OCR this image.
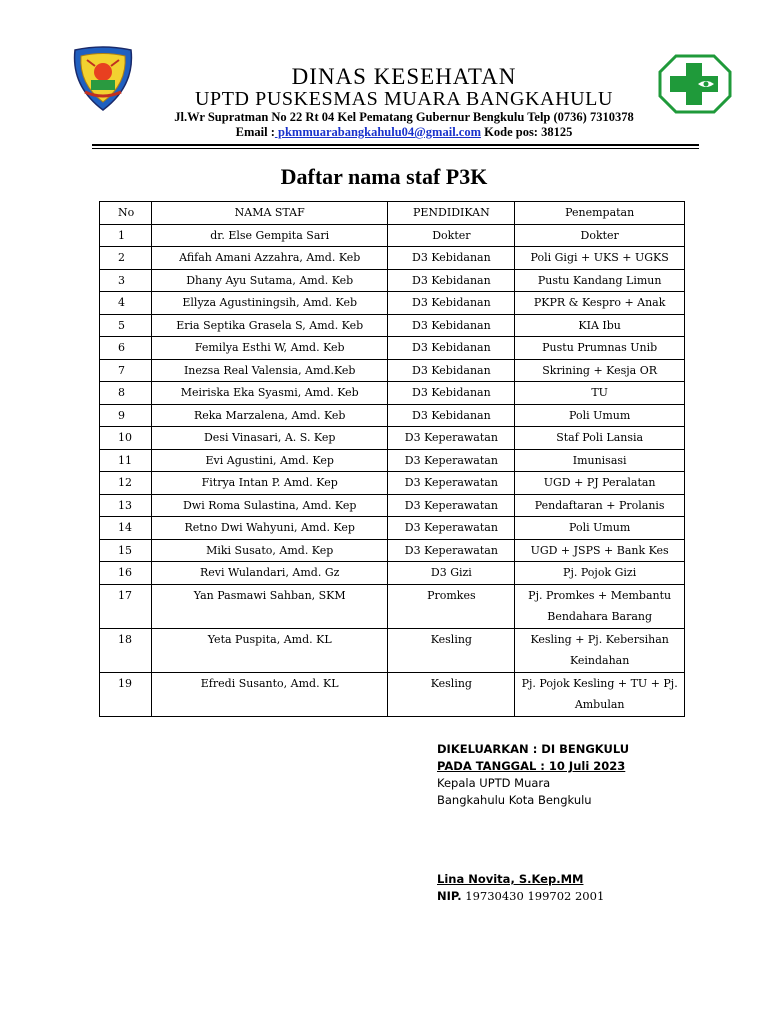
DINAS KESEHATAN
UPTD PUSKESMAS MUARA BANGKAHULU
Jl.Wr Supratman No 22 Rt 04 Kel Pematang Gubernur Bengkulu Telp (0736) 7310378
Email : pkmmuarabangkahulu04@gmail.com Kode pos: 38125
Daftar nama staf P3K
No	NAMA STAF	PENDIDIKAN	Penempatan
1	dr. Else Gempita Sari	Dokter	Dokter
2	Afifah Amani Azzahra, Amd. Keb	D3 Kebidanan	Poli Gigi + UKS + UGKS
3	Dhany Ayu Sutama, Amd. Keb	D3 Kebidanan	Pustu Kandang Limun
4	Ellyza Agustiningsih, Amd. Keb	D3 Kebidanan	PKPR & Kespro + Anak
5	Eria Septika Grasela S, Amd. Keb	D3 Kebidanan	KIA Ibu
6	Femilya Esthi W, Amd. Keb	D3 Kebidanan	Pustu Prumnas Unib
7	Inezsa Real Valensia, Amd.Keb	D3 Kebidanan	Skrining + Kesja OR
8	Meiriska Eka Syasmi, Amd. Keb	D3 Kebidanan	TU
9	Reka Marzalena, Amd. Keb	D3 Kebidanan	Poli Umum
10	Desi Vinasari, A. S. Kep	D3 Keperawatan	Staf Poli Lansia
11	Evi Agustini, Amd. Kep	D3 Keperawatan	Imunisasi
12	Fitrya Intan P. Amd. Kep	D3 Keperawatan	UGD + PJ Peralatan
13	Dwi Roma Sulastina, Amd. Kep	D3 Keperawatan	Pendaftaran + Prolanis
14	Retno Dwi Wahyuni, Amd. Kep	D3 Keperawatan	Poli Umum
15	Miki Susato, Amd. Kep	D3 Keperawatan	UGD + JSPS + Bank Kes
16	Revi Wulandari, Amd. Gz	D3 Gizi	Pj. Pojok Gizi
17	Yan Pasmawi Sahban, SKM	Promkes	Pj. Promkes + Membantu Bendahara Barang
18	Yeta Puspita, Amd. KL	Kesling	Kesling + Pj. Kebersihan Keindahan
19	Efredi Susanto, Amd. KL	Kesling	Pj. Pojok Kesling + TU + Pj. Ambulan
DIKELUARKAN : DI BENGKULU
PADA TANGGAL : 10 Juli 2023
Kepala UPTD Muara
Bangkahulu Kota Bengkulu
Lina Novita, S.Kep.MM
NIP. 19730430 199702 2001
